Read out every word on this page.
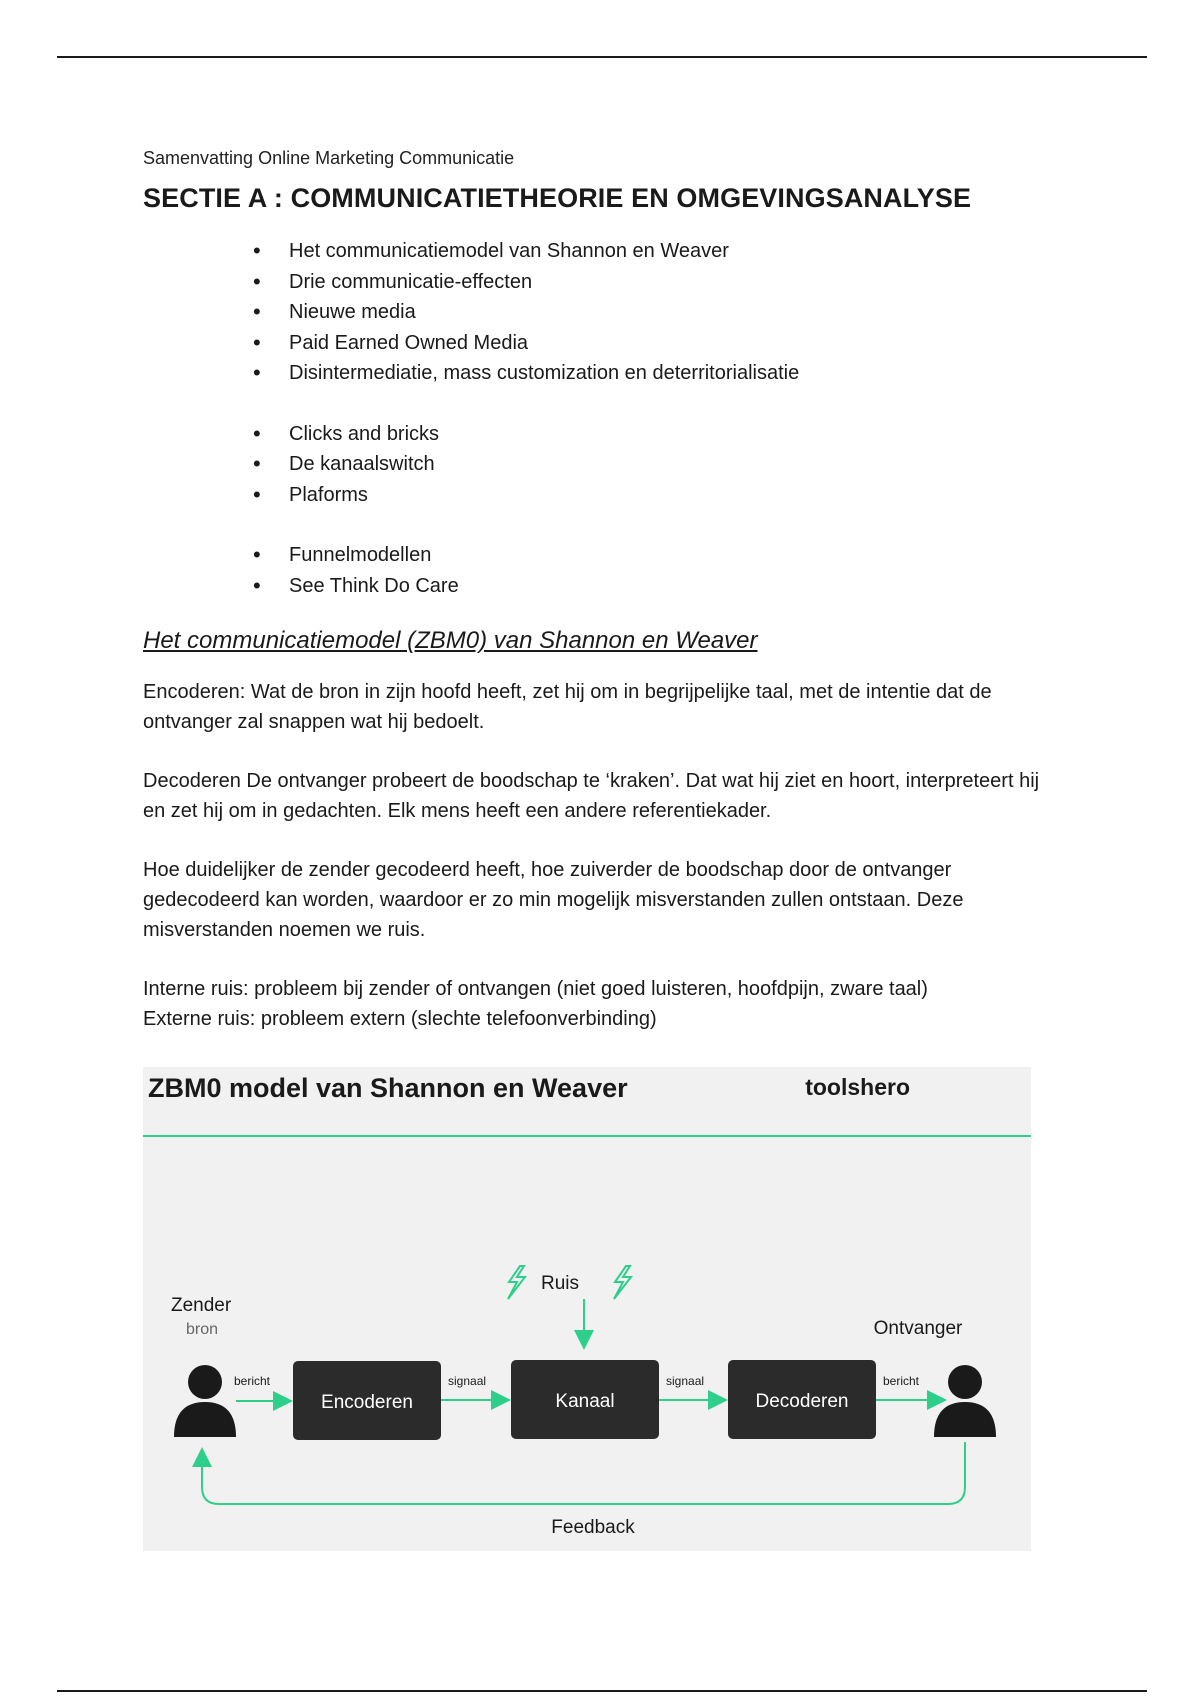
Samenvatting Online Marketing Communicatie

SECTIE A : COMMUNICATIETHEORIE EN OMGEVINGSANALYSE
• Het communicatiemodel van Shannon en Weaver
• Drie communicatie-effecten
• Nieuwe media
• Paid Earned Owned Media
• Disintermediatie, mass customization en deterritorialisatie
• Clicks and bricks
• De kanaalswitch
• Plaforms
• Funnelmodellen
• See Think Do Care
Het communicatiemodel (ZBM0) van Shannon en Weaver

Encoderen: Wat de bron in zijn hoofd heeft, zet hij om in begrijpelijke taal, met de intentie dat de ontvanger zal snappen wat hij bedoelt.

Decoderen De ontvanger probeert de boodschap te ‘kraken’. Dat wat hij ziet en hoort, interpreteert hij en zet hij om in gedachten. Elk mens heeft een andere referentiekader.

Hoe duidelijker de zender gecodeerd heeft, hoe zuiverder de boodschap door de ontvanger gedecodeerd kan worden, waardoor er zo min mogelijk misverstanden zullen ontstaan. Deze misverstanden noemen we ruis.

Interne ruis: probleem bij zender of ontvangen (niet goed luisteren, hoofdpijn, zware taal)

Externe ruis: probleem extern (slechte telefoonverbinding)

ZBM0 model van Shannon en Weaver	toolshero
Ruis
Zender
bron	Ontvanger
Encoderen	Kanaal	Decoderen
bericht	signaal	signaal	bericht
Feedback
